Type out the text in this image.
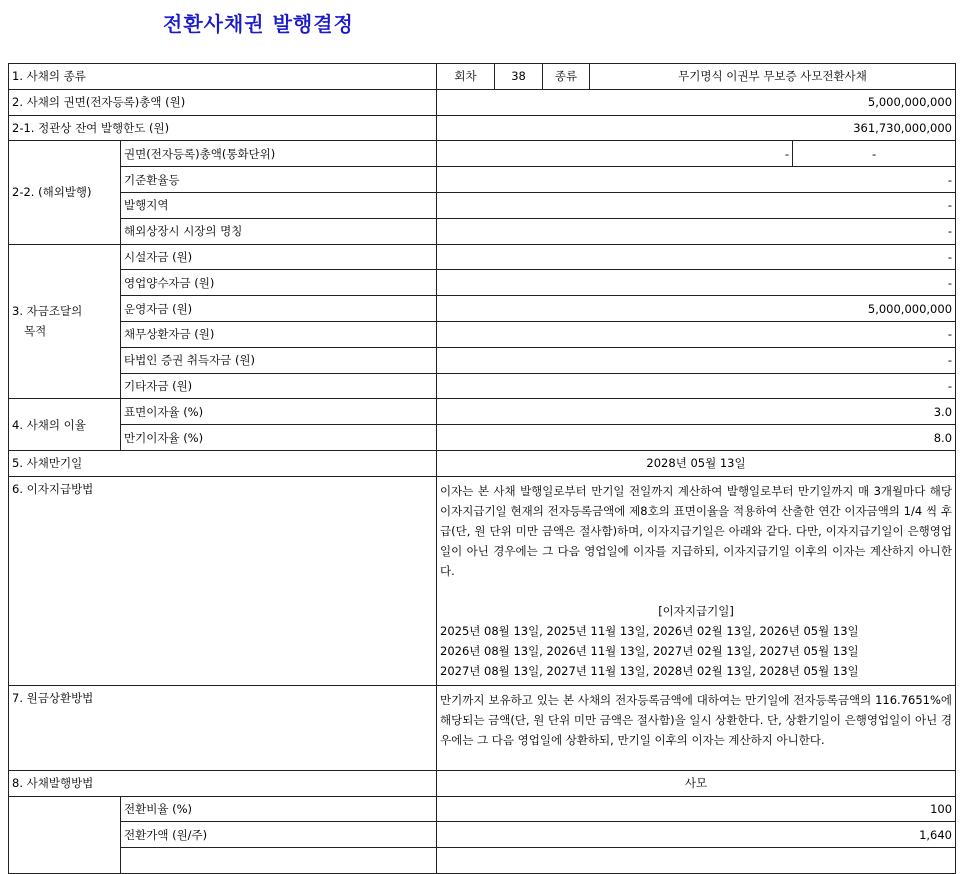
전환사채권 발행결정
1. 사채의 종류		회차	38	종류	무기명식 이권부 무보증 사모전환사채	
2. 사채의 권면(전자등록)총액 (원)		5,000,000,000				
2-1. 정관상 잔여 발행한도 (원)		361,730,000,000				
2-2. (해외발행)	권면(전자등록)총액(통화단위)	-				-
	기준환율등	-				
	발행지역	-				
	해외상장시 시장의 명칭	-				
3. 자금조달의
목적	시설자금 (원)	-				
	영업양수자금 (원)	-				
	운영자금 (원)	5,000,000,000				
	채무상환자금 (원)	-				
	타법인 증권 취득자금 (원)	-				
	기타자금 (원)	-				
4. 사채의 이율	표면이자율 (%)	3.0				
	만기이자율 (%)	8.0				
5. 사채만기일		2028년 05월 13일				
6. 이자지급방법		이자는 본 사채 발행일로부터 만기일 전일까지 계산하여 발행일로부터 만기일까지 매 3개월마다 해당 이자지급기일 현재의 전자등록금액에 제8호의 표면이율을 적용하여 산출한 연간 이자금액의 1/4 씩 후급(단, 원 단위 미만 금액은 절사함)하며, 이자지급기일은 아래와 같다. 다만, 이자지급기일이 은행영업일이 아닌 경우에는 그 다음 영업일에 이자를 지급하되, 이자지급기일 이후의 이자는 계산하지 아니한다.
[이자지급기일]
2025년 08월 13일, 2025년 11월 13일, 2026년 02월 13일, 2026년 05월 13일
2026년 08월 13일, 2026년 11월 13일, 2027년 02월 13일, 2027년 05월 13일
2027년 08월 13일, 2027년 11월 13일, 2028년 02월 13일, 2028년 05월 13일				

7. 원금상환방법		만기까지 보유하고 있는 본 사채의 전자등록금액에 대하여는 만기일에 전자등록금액의 116.7651%에 해당되는 금액(단, 원 단위 미만 금액은 절사함)을 일시 상환한다. 단, 상환기일이 은행영업일이 아닌 경우에는 그 다음 영업일에 상환하되, 만기일 이후의 이자는 계산하지 아니한다.				
8. 사채발행방법		사모				
	전환비율 (%)	100				
	전환가액 (원/주)	1,640				
